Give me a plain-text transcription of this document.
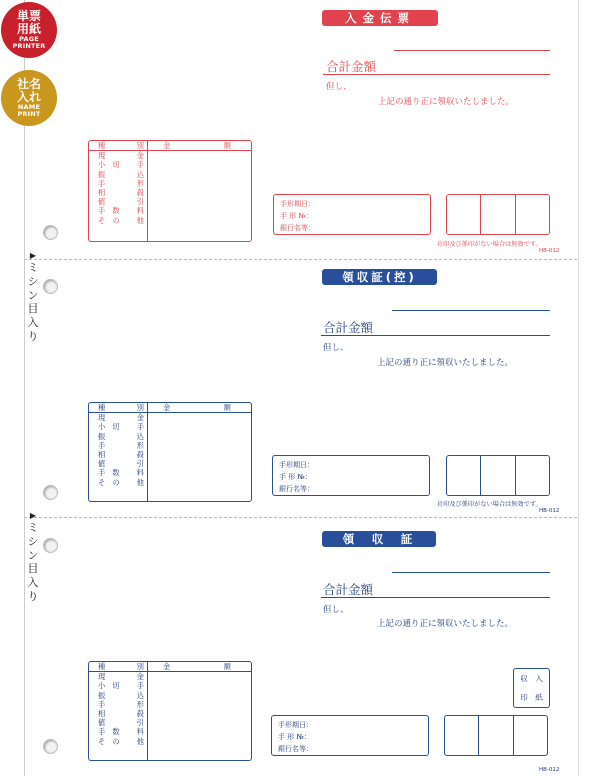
単票
用紙
PAGE
PRINTER
社名
入れ
NAME
PRINT
▶
ミ
シ
ン
目
入
り
▶
ミ
シ
ン
目
入
り
入金伝票
合計金額
但し、
上記の通り正に領収いたしました。
種	別	金	額
現	金
小　切 手
振	込
手	形
相	殺
値	引
手　数 料
そ　の 他
手形期日：
手 形 №：
銀行名等：
社印及び係印がない場合は無効です。
HB-012
領収証(控)
合計金額
但し、
上記の通り正に領収いたしました。
種	別	金	額
現	金
小　切 手
振	込
手	形
相	殺
値	引
手　数 料
そ　の 他
手形期日：
手 形 №：
銀行名等：
社印及び係印がない場合は無効です。
HB-012
領　収　証
合計金額
但し、
上記の通り正に領収いたしました。
種	別	金	額
現	金
小　切 手
振	込
手	形
相	殺
値	引
手　数 料
そ　の 他
収　入
印　紙
手形期日：
手 形 №：
銀行名等：
HB-012
